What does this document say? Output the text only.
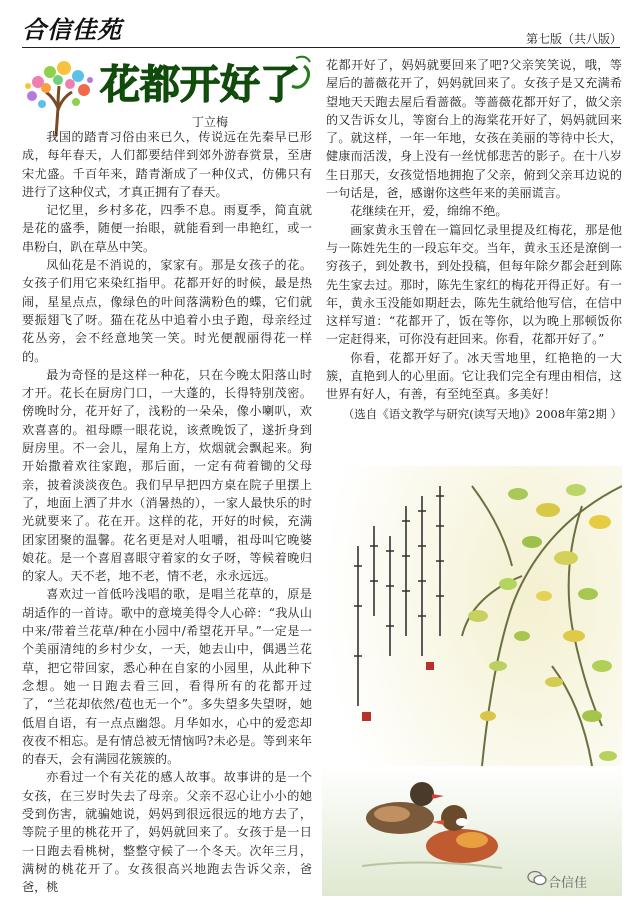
合信佳苑	第七版（共八版）
花都开好了
丁立梅

我国的踏青习俗由来已久，传说远在先秦早已形成，每年春天，人们都要结伴到郊外游春赏景，至唐宋尤盛。千百年来，踏青渐成了一种仪式，仿佛只有进行了这种仪式，才真正拥有了春天。

记忆里，乡村多花，四季不息。雨夏季，简直就是花的盛季，随便一抬眼，就能看到一串艳红，或一串粉白，趴在草丛中笑。

凤仙花是不消说的，家家有。那是女孩子的花。女孩子们用它来染红指甲。花都开好的时候，最是热闹，星星点点，像绿色的叶间落满粉色的蝶，它们就要振翅飞了呀。猫在花丛中追着小虫子跑，母亲经过花丛旁，会不经意地笑一笑。时光便靓丽得花一样的。

最为奇怪的是这样一种花，只在今晚太阳落山时才开。花长在厨房门口，一大蓬的，长得特别茂密。傍晚时分，花开好了，浅粉的一朵朵，像小喇叭，欢欢喜喜的。祖母瞟一眼花说，该煮晚饭了，遂折身到厨房里。不一会儿，屋角上方，炊烟就会飘起来。狗开始撒着欢往家跑，那后面，一定有荷着锄的父母亲，披着淡淡夜色。我们早早把四方桌在院子里摆上了，地面上洒了井水（消暑热的），一家人最快乐的时光就要来了。花在开。这样的花，开好的时候，充满团家团聚的温馨。花名更是对人咀嚼，祖母叫它晚婆娘花。是一个喜眉喜眼守着家的女子呀，等候着晚归的家人。天不老，地不老，情不老，永永远远。

喜欢过一首低吟浅唱的歌，是唱兰花草的，原是胡适作的一首诗。歌中的意境美得令人心碎：“我从山中来/带着兰花草/种在小园中/希望花开早。”一定是一个美丽清纯的乡村少女，一天，她去山中，偶遇兰花草，把它带回家，悉心种在自家的小园里，从此种下念想。她一日跑去看三回，看得所有的花都开过了，“兰花却依然/苞也无一个”。多失望多失望呀，她低眉自语，有一点点幽怨。月华如水，心中的爱恋却夜夜不相忘。是有情总被无情恼吗?未必是。等到来年的春天，会有满园花簇簇的。

亦看过一个有关花的感人故事。故事讲的是一个女孩，在三岁时失去了母亲。父亲不忍心让小小的她受到伤害，就骗她说，妈妈到很远很远的地方去了，等院子里的桃花开了，妈妈就回来了。女孩于是一日一日跑去看桃树，整整守候了一个冬天。次年三月，满树的桃花开了。女孩很高兴地跑去告诉父亲，爸爸，桃

花都开好了，妈妈就要回来了吧?父亲笑笑说，哦，等屋后的蔷薇花开了，妈妈就回来了。女孩子是又充满希望地天天跑去屋后看蔷薇。等蔷薇花都开好了，做父亲的又告诉女儿，等窗台上的海棠花开好了，妈妈就回来了。就这样，一年一年地，女孩在美丽的等待中长大，健康而活泼，身上没有一丝忧郁悲苦的影子。在十八岁生日那天，女孩觉悟地拥抱了父亲，俯到父亲耳边说的一句话是，爸，感谢你这些年来的美丽谎言。

花继续在开，爱，绵绵不绝。

画家黄永玉曾在一篇回忆录里提及红梅花，那是他与一陈姓先生的一段忘年交。当年，黄永玉还是潦倒一穷孩子，到处教书，到处投稿，但每年除夕都会赶到陈先生家去过。那时，陈先生家红的梅花开得正好。有一年，黄永玉没能如期赶去，陈先生就给他写信，在信中这样写道：“花都开了，饭在等你，以为晚上那顿饭你一定赶得来，可你没有赶回来。你看，花都开好了。”

你看，花都开好了。冰天雪地里，红艳艳的一大簇，直艳到人的心里面。它让我们完全有理由相信，这世界有好人，有善，有至纯至真。多美好！

（选自《语文教学与研究(读写天地)》2008年第2期 ）

合信佳
